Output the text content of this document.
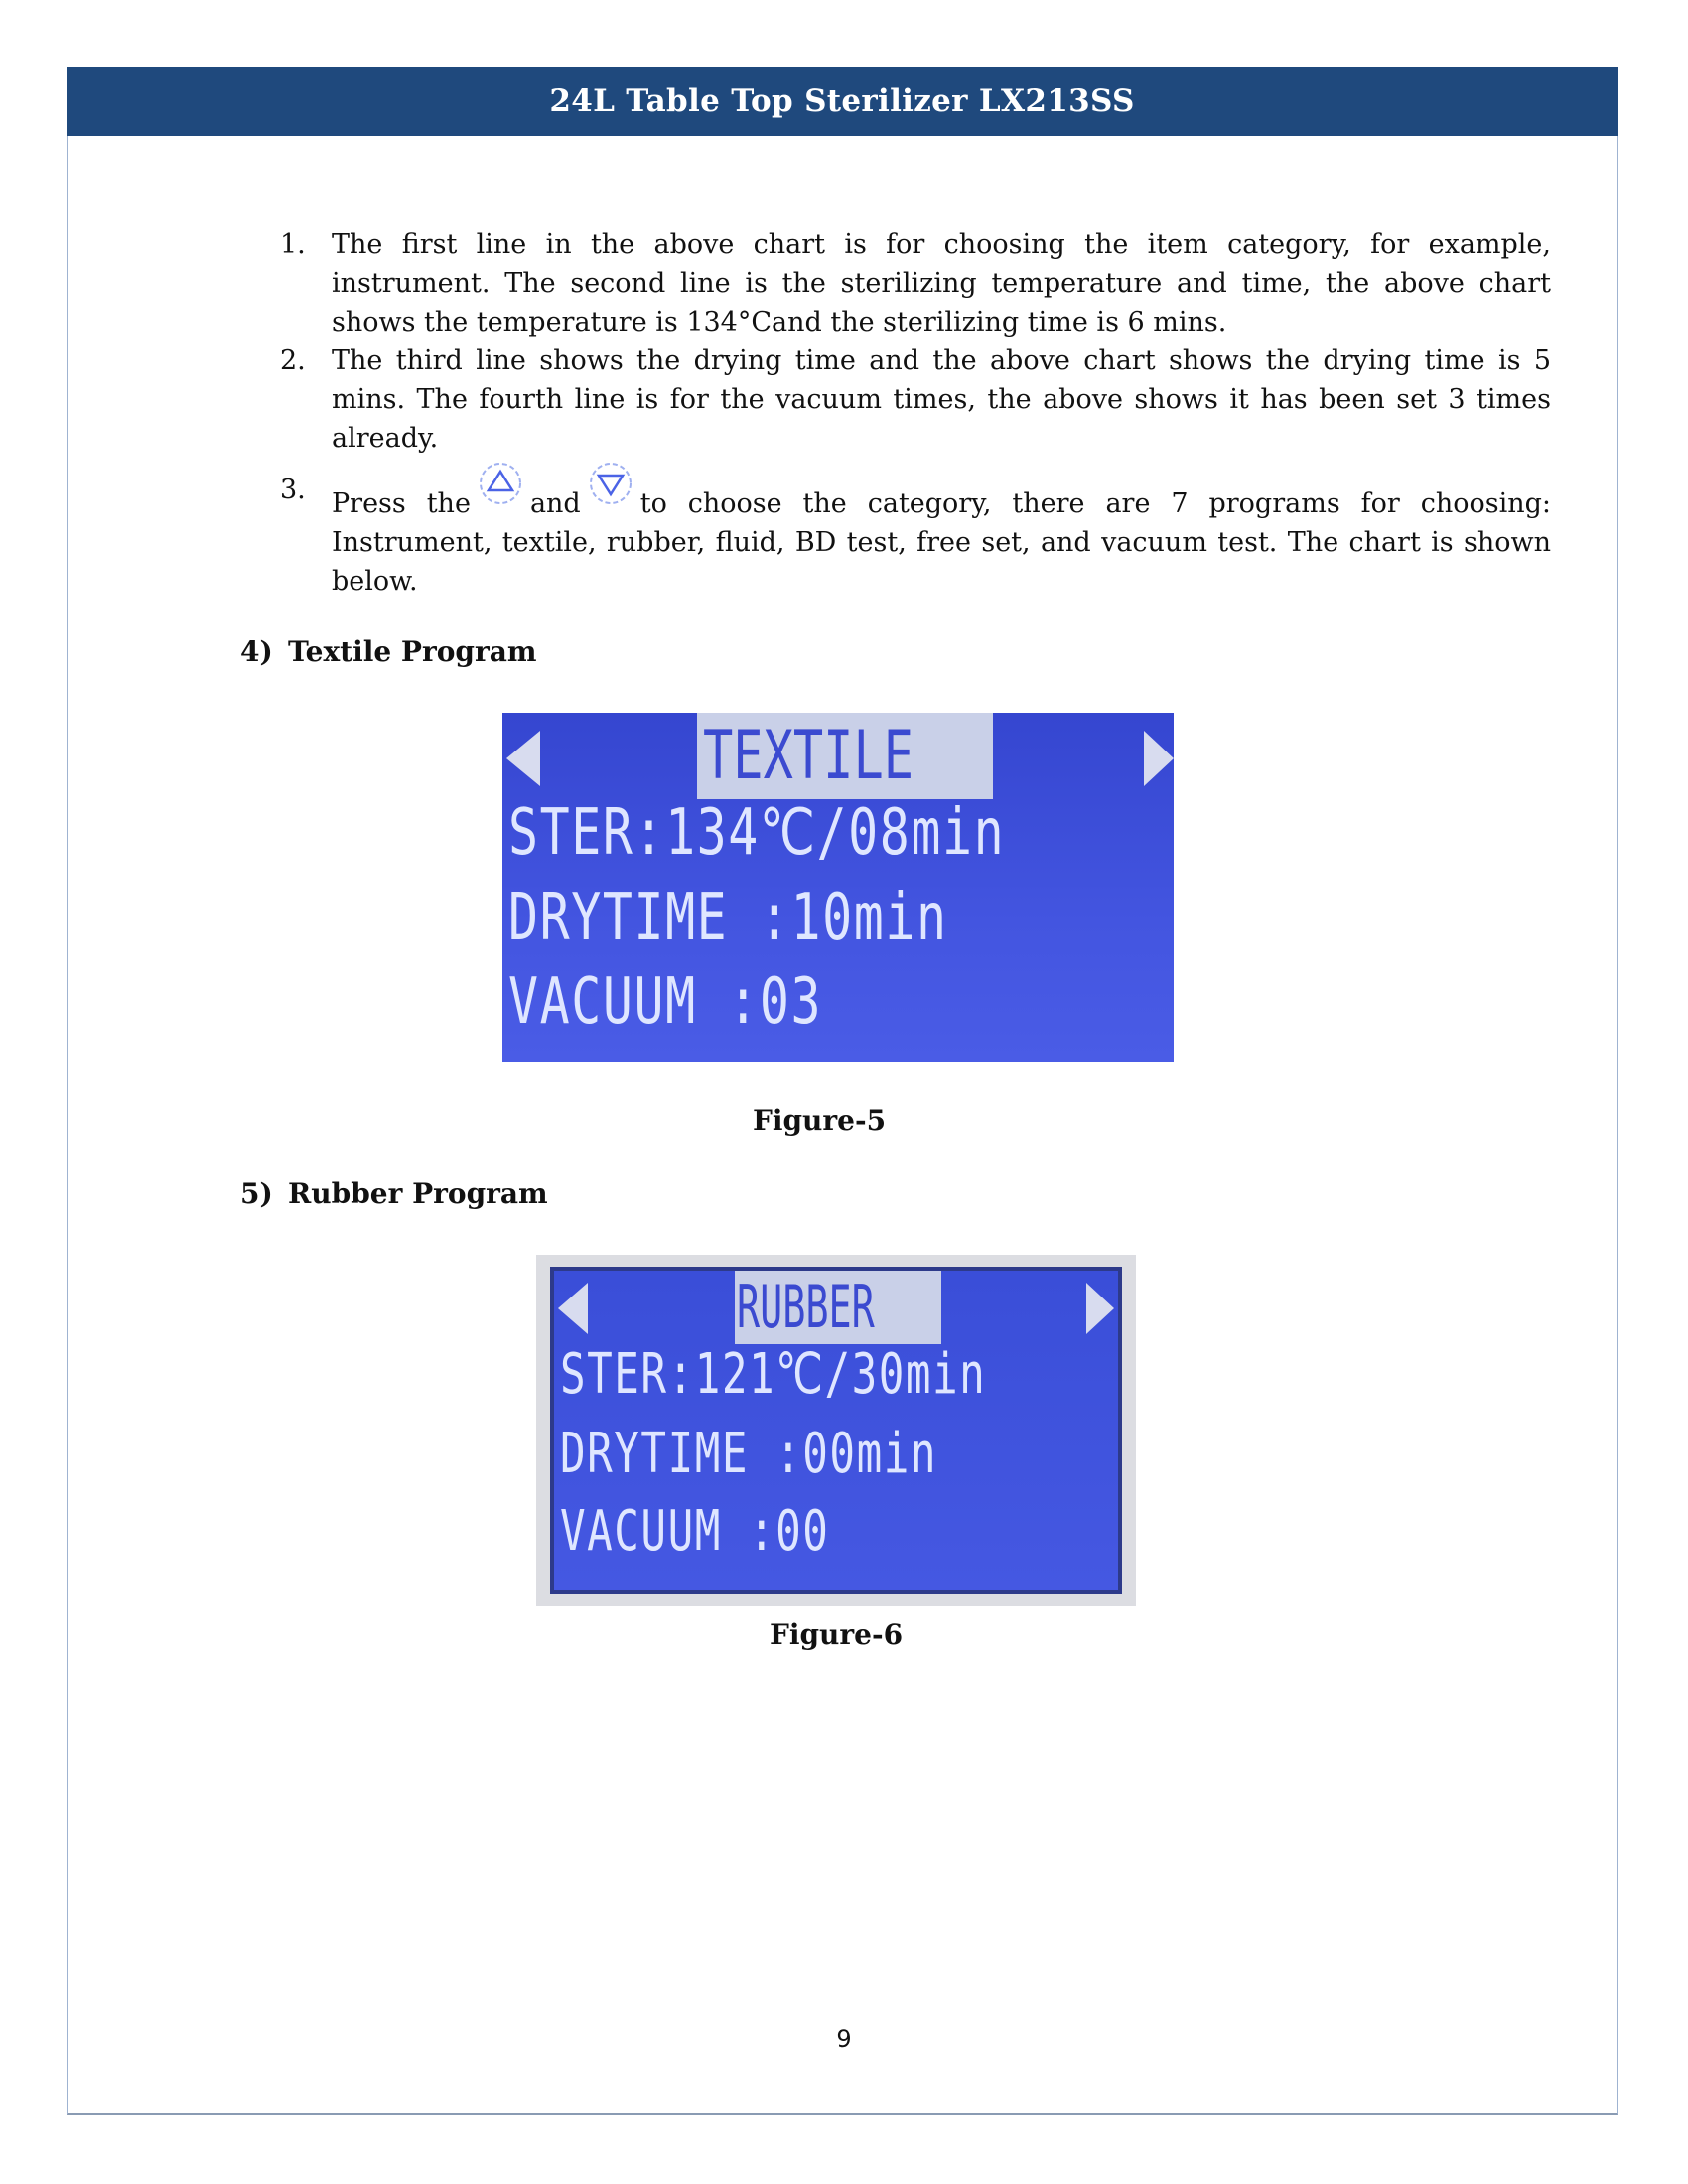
24L Table Top Sterilizer LX213SS
1. The first line in the above chart is for choosing the item category, for example, instrument. The second line is the sterilizing temperature and time, the above chart shows the temperature is 134°Cand the sterilizing time is 6 mins.

2. The third line shows the drying time and the above chart shows the drying time is 5 mins. The fourth line is for the vacuum times, the above shows it has been set 3 times already.

3. Press the and to choose the category, there are 7 programs for choosing: Instrument, textile, rubber, fluid, BD test, free set, and vacuum test. The chart is shown below.

4) Textile Program
TEXTILE
STER:134℃/08min
DRYTIME :10min
VACUUM :03
Figure-5
5) Rubber Program
RUBBER
STER:121℃/30min
DRYTIME :00min
VACUUM :00
Figure-6
9
